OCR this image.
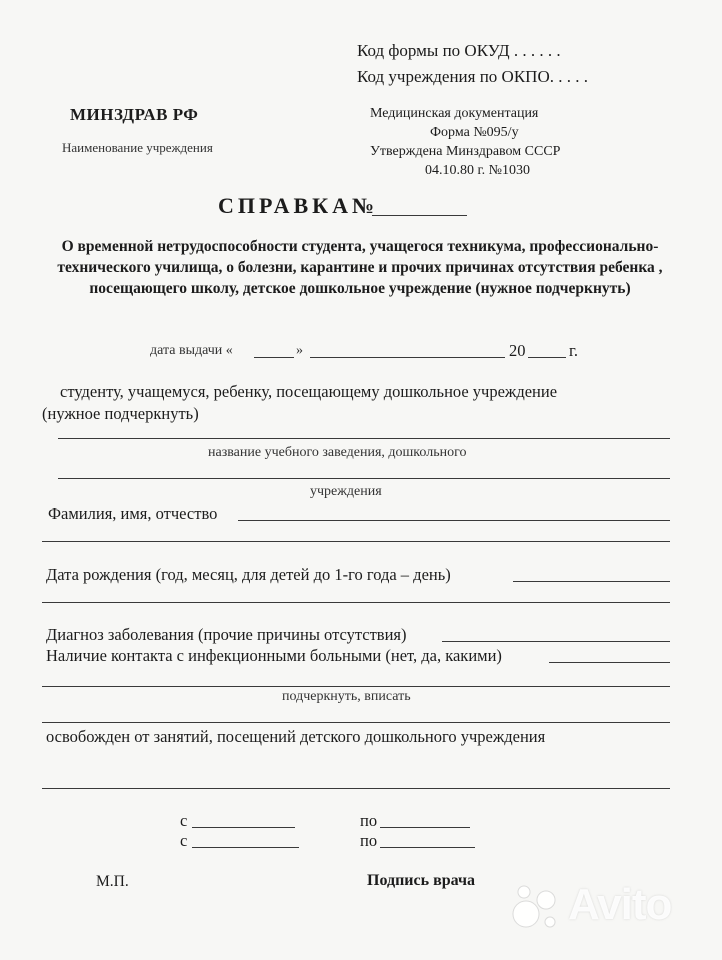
Код формы по ОКУД . . . . . .
Код учреждения по ОКПО. . . . .
МИНЗДРАВ РФ
Наименование учреждения
Медицинская документация
Форма №095/у
Утверждена Минздравом СССР
04.10.80 г. №1030
СПРАВКА№
О временной нетрудоспособности студента, учащегося техникума, профессионально-технического училища, о болезни, карантине и прочих причинах отсутствия ребенка , посещающего школу, детское дошкольное учреждение (нужное подчеркнуть)
дата выдачи «	»	20	г.
студенту, учащемуся, ребенку, посещающему дошкольное учреждение
(нужное подчеркнуть)
название учебного заведения, дошкольного
учреждения
Фамилия, имя, отчество
Дата рождения (год, месяц, для детей до 1-го года – день)
Диагноз заболевания (прочие причины отсутствия)
Наличие контакта с инфекционными больными (нет, да, какими)
подчеркнуть, вписать
освобожден от занятий, посещений детского дошкольного учреждения
с	по
с	по
М.П.	Подпись врача Avito
